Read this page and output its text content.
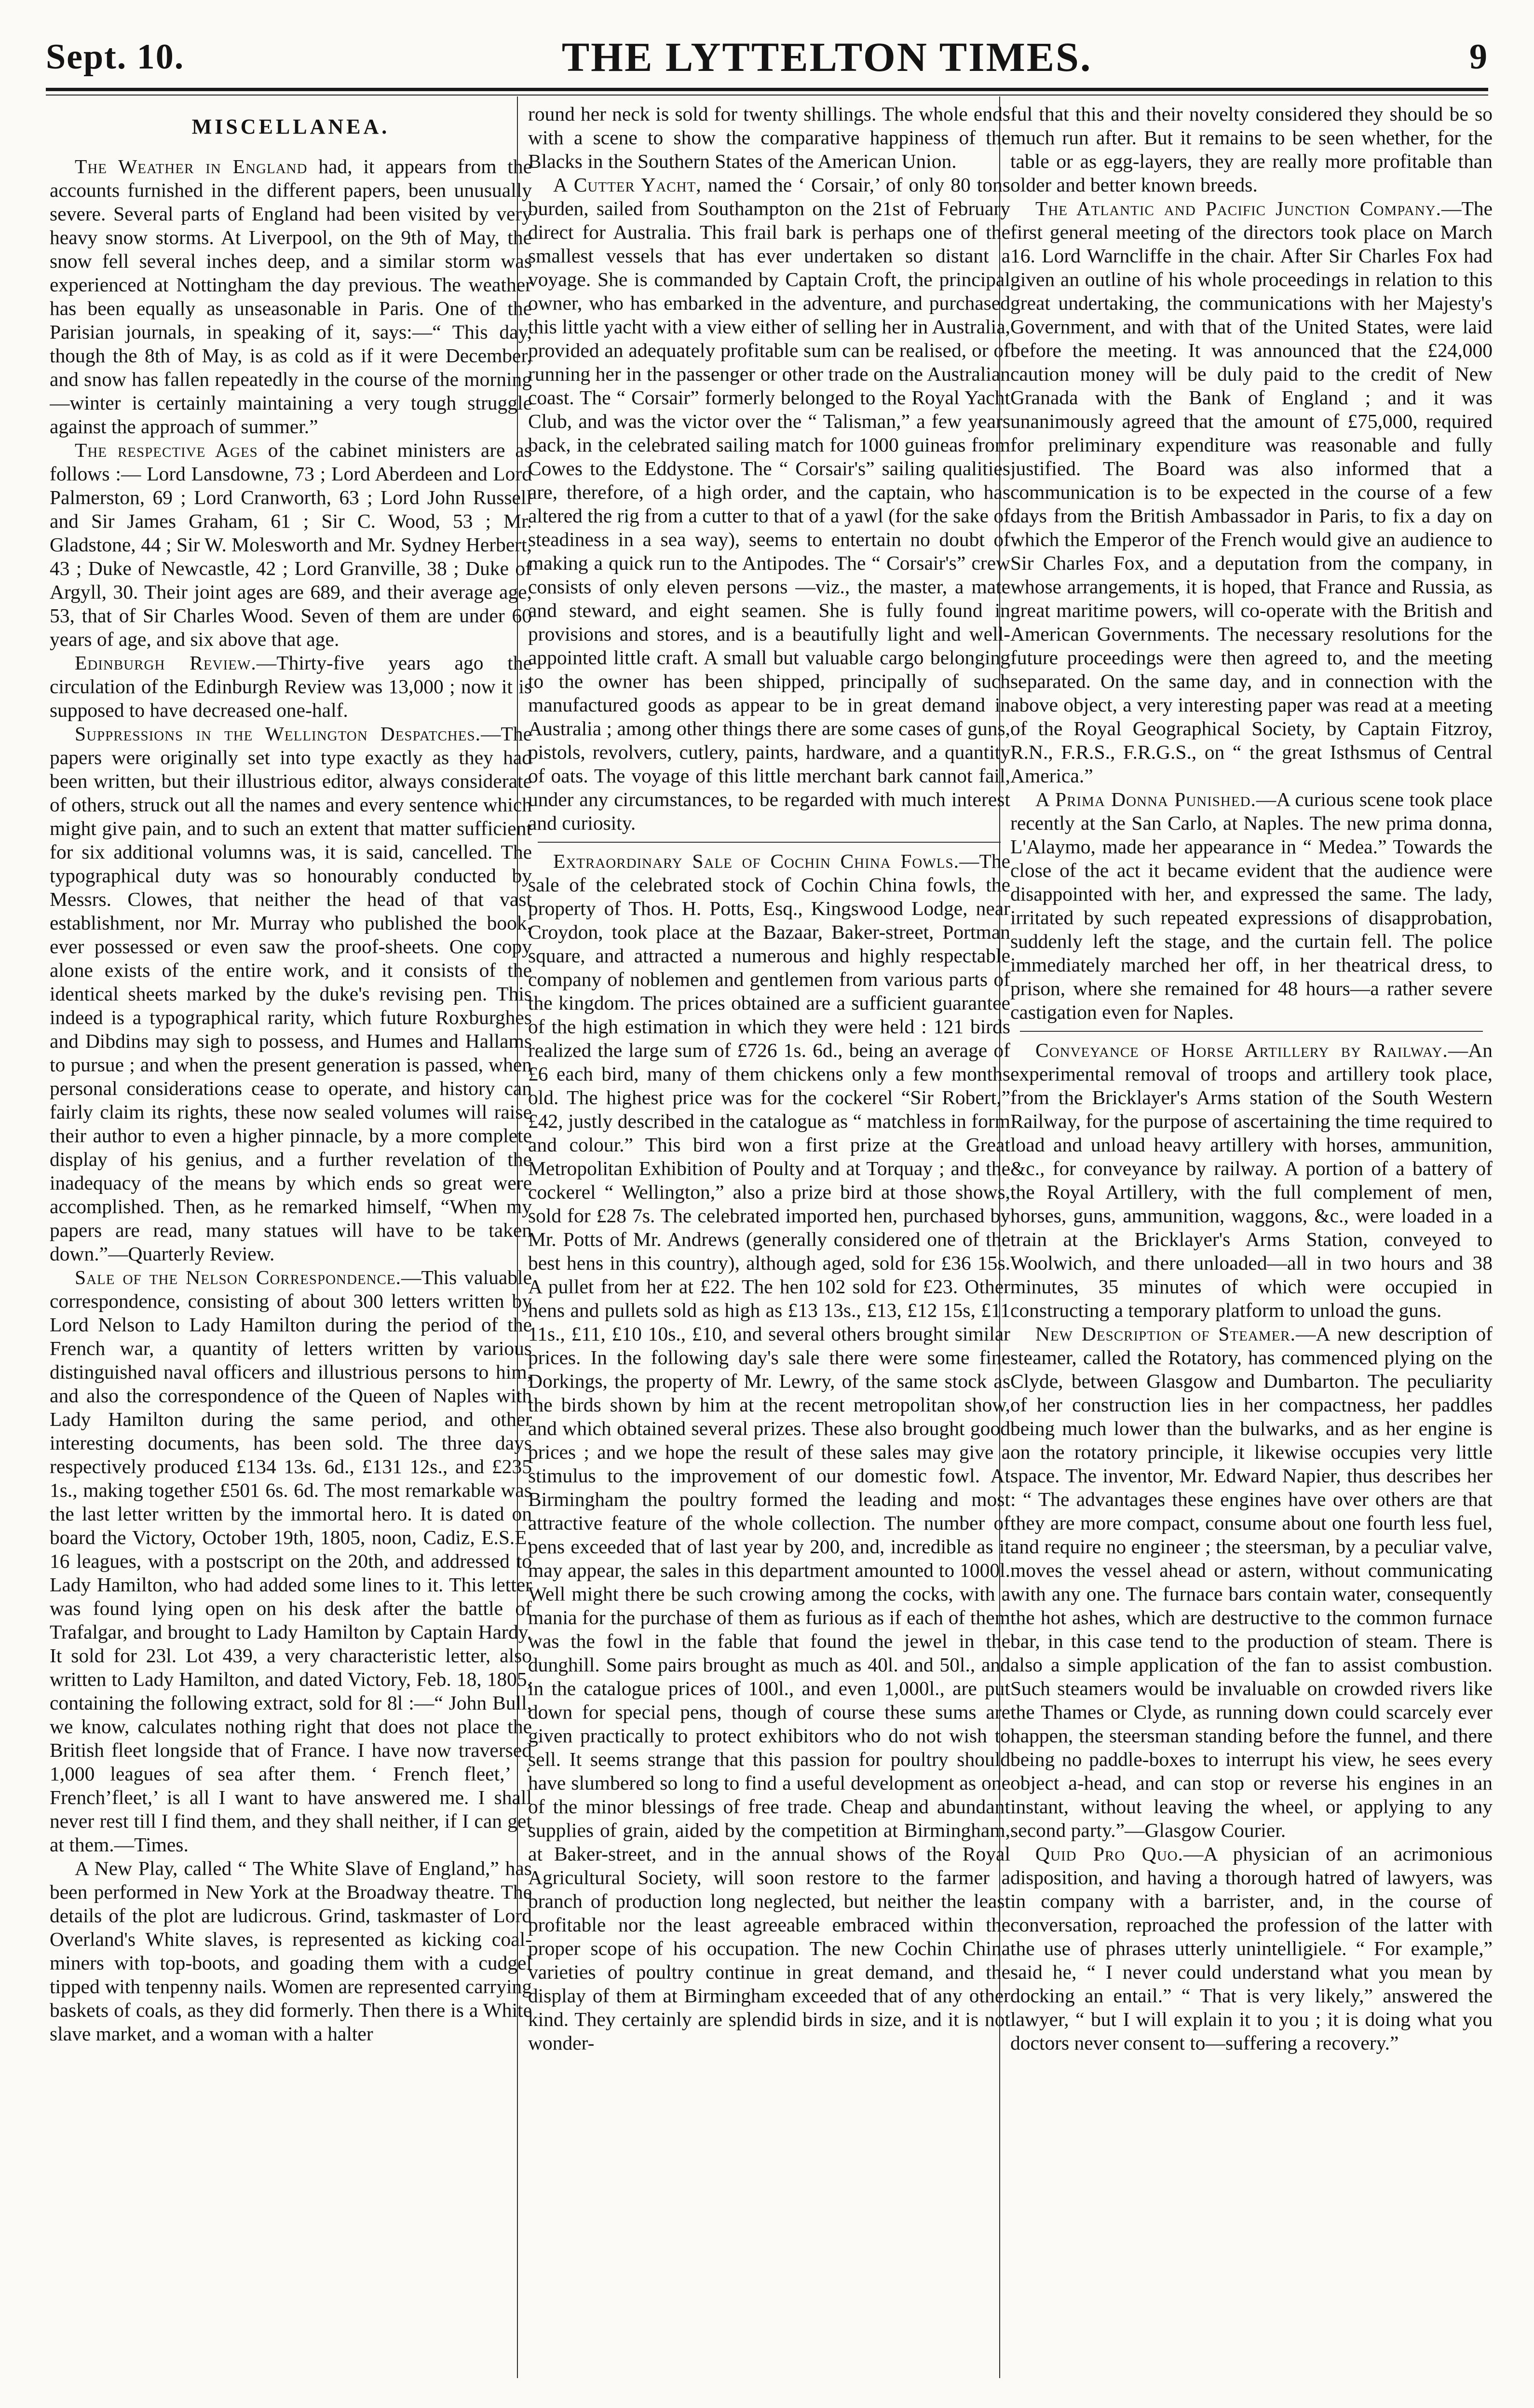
Sept. 10.	THE LYTTELTON TIMES.	9
MISCELLANEA.

The Weather in England had, it appears from the accounts furnished in the different papers, been unusually severe. Several parts of England had been visited by very heavy snow storms. At Liverpool, on the 9th of May, the snow fell several inches deep, and a similar storm was experienced at Nottingham the day previous. The weather has been equally as unseasonable in Paris. One of the Parisian journals, in speaking of it, says:—“ This day, though the 8th of May, is as cold as if it were December, and snow has fallen repeatedly in the course of the morning—winter is certainly maintaining a very tough struggle against the approach of summer.”

The respective Ages of the cabinet ministers are as follows :— Lord Lansdowne, 73 ; Lord Aberdeen and Lord Palmerston, 69 ; Lord Cranworth, 63 ; Lord John Russell and Sir James Graham, 61 ; Sir C. Wood, 53 ; Mr. Gladstone, 44 ; Sir W. Molesworth and Mr. Sydney Herbert, 43 ; Duke of Newcastle, 42 ; Lord Granville, 38 ; Duke of Argyll, 30. Their joint ages are 689, and their average age, 53, that of Sir Charles Wood. Seven of them are under 60 years of age, and six above that age.

Edinburgh Review.—Thirty-five years ago the circulation of the Edinburgh Review was 13,000 ; now it is supposed to have decreased one-half.

Suppressions in the Wellington Despatches.—The papers were originally set into type exactly as they had been written, but their illustrious editor, always considerate of others, struck out all the names and every sentence which might give pain, and to such an extent that matter sufficient for six additional volumns was, it is said, cancelled. The typographical duty was so honourably conducted by Messrs. Clowes, that neither the head of that vast establishment, nor Mr. Murray who published the book, ever possessed or even saw the proof-sheets. One copy alone exists of the entire work, and it consists of the identical sheets marked by the duke's revising pen. This indeed is a typographical rarity, which future Roxburghes and Dibdins may sigh to possess, and Humes and Hallams to pursue ; and when the present generation is passed, when personal considerations cease to operate, and history can fairly claim its rights, these now sealed volumes will raise their author to even a higher pinnacle, by a more complete display of his genius, and a further revelation of the inadequacy of the means by which ends so great were accomplished. Then, as he remarked himself, “When my papers are read, many statues will have to be taken down.”—Quarterly Review.

Sale of the Nelson Correspondence.—This valuable correspondence, consisting of about 300 letters written by Lord Nelson to Lady Hamilton during the period of the French war, a quantity of letters written by various distinguished naval officers and illustrious persons to him, and also the correspondence of the Queen of Naples with Lady Hamilton during the same period, and other interesting documents, has been sold. The three days respectively produced £134 13s. 6d., £131 12s., and £235 1s., making together £501 6s. 6d. The most remarkable was the last letter written by the immortal hero. It is dated on board the Victory, October 19th, 1805, noon, Cadiz, E.S.E. 16 leagues, with a postscript on the 20th, and addressed to Lady Hamilton, who had added some lines to it. This letter was found lying open on his desk after the battle of Trafalgar, and brought to Lady Hamilton by Captain Hardy. It sold for 23l. Lot 439, a very characteristic letter, also written to Lady Hamilton, and dated Victory, Feb. 18, 1805, containing the following extract, sold for 8l :—“ John Bull, we know, calculates nothing right that does not place the British fleet longside that of France. I have now traversed 1,000 leagues of sea after them. ‘ French fleet,’ ‘ French’fleet,’ is all I want to have answered me. I shall never rest till I find them, and they shall neither, if I can get at them.—Times.

A New Play, called “ The White Slave of England,” has been performed in New York at the Broadway theatre. The details of the plot are ludicrous. Grind, taskmaster of Lord Overland's White slaves, is represented as kicking coal-miners with top-boots, and goading them with a cudgel tipped with tenpenny nails. Women are represented carrying baskets of coals, as they did formerly. Then there is a White slave market, and a woman with a halter

round her neck is sold for twenty shillings. The whole ends with a scene to show the comparative happiness of the Blacks in the Southern States of the American Union.

A Cutter Yacht, named the ‘ Corsair,’ of only 80 tons burden, sailed from Southampton on the 21st of February direct for Australia. This frail bark is perhaps one of the smallest vessels that has ever undertaken so distant a voyage. She is commanded by Captain Croft, the principal owner, who has embarked in the adventure, and purchased this little yacht with a view either of selling her in Australia, provided an adequately profitable sum can be realised, or of running her in the passenger or other trade on the Australian coast. The “ Corsair” formerly belonged to the Royal Yacht Club, and was the victor over the “ Talisman,” a few years back, in the celebrated sailing match for 1000 guineas from Cowes to the Eddystone. The “ Corsair's” sailing qualities are, therefore, of a high order, and the captain, who has altered the rig from a cutter to that of a yawl (for the sake of steadiness in a sea way), seems to entertain no doubt of making a quick run to the Antipodes. The “ Corsair's” crew consists of only eleven persons —viz., the master, a mate and steward, and eight seamen. She is fully found in provisions and stores, and is a beautifully light and well-appointed little craft. A small but valuable cargo belonging to the owner has been shipped, principally of such manufactured goods as appear to be in great demand in Australia ; among other things there are some cases of guns, pistols, revolvers, cutlery, paints, hardware, and a quantity of oats. The voyage of this little merchant bark cannot fail, under any circumstances, to be regarded with much interest and curiosity.

Extraordinary Sale of Cochin China Fowls.—The sale of the celebrated stock of Cochin China fowls, the property of Thos. H. Potts, Esq., Kingswood Lodge, near Croydon, took place at the Bazaar, Baker-street, Portman square, and attracted a numerous and highly respectable company of noblemen and gentlemen from various parts of the kingdom. The prices obtained are a sufficient guarantee of the high estimation in which they were held : 121 birds realized the large sum of £726 1s. 6d., being an average of £6 each bird, many of them chickens only a few months old. The highest price was for the cockerel “Sir Robert,” £42, justly described in the catalogue as “ matchless in form and colour.” This bird won a first prize at the Great Metropolitan Exhibition of Poulty and at Torquay ; and the cockerel “ Wellington,” also a prize bird at those shows, sold for £28 7s. The celebrated imported hen, purchased by Mr. Potts of Mr. Andrews (generally considered one of the best hens in this country), although aged, sold for £36 15s. A pullet from her at £22. The hen 102 sold for £23. Other hens and pullets sold as high as £13 13s., £13, £12 15s, £11 11s., £11, £10 10s., £10, and several others brought similar prices. In the following day's sale there were some fine Dorkings, the property of Mr. Lewry, of the same stock as the birds shown by him at the recent metropolitan show, and which obtained several prizes. These also brought good prices ; and we hope the result of these sales may give a stimulus to the improvement of our domestic fowl. At Birmingham the poultry formed the leading and most attractive feature of the whole collection. The number of pens exceeded that of last year by 200, and, incredible as it may appear, the sales in this department amounted to 1000l. Well might there be such crowing among the cocks, with a mania for the purchase of them as furious as if each of them was the fowl in the fable that found the jewel in the dunghill. Some pairs brought as much as 40l. and 50l., and in the catalogue prices of 100l., and even 1,000l., are put down for special pens, though of course these sums are given practically to protect exhibitors who do not wish to sell. It seems strange that this passion for poultry should have slumbered so long to find a useful development as one of the minor blessings of free trade. Cheap and abundant supplies of grain, aided by the competition at Birmingham, at Baker-street, and in the annual shows of the Royal Agricultural Society, will soon restore to the farmer a branch of production long neglected, but neither the least profitable nor the least agreeable embraced within the proper scope of his occupation. The new Cochin China varieties of poultry continue in great demand, and the display of them at Birmingham exceeded that of any other kind. They certainly are splendid birds in size, and it is not wonder-

ful that this and their novelty considered they should be so much run after. But it remains to be seen whether, for the table or as egg-layers, they are really more profitable than older and better known breeds.

The Atlantic and Pacific Junction Company.—The first general meeting of the directors took place on March 16. Lord Warncliffe in the chair. After Sir Charles Fox had given an outline of his whole proceedings in relation to this great undertaking, the communications with her Majesty's Government, and with that of the United States, were laid before the meeting. It was announced that the £24,000 caution money will be duly paid to the credit of New Granada with the Bank of England ; and it was unanimously agreed that the amount of £75,000, required for preliminary expenditure was reasonable and fully justified. The Board was also informed that a communication is to be expected in the course of a few days from the British Ambassador in Paris, to fix a day on which the Emperor of the French would give an audience to Sir Charles Fox, and a deputation from the company, in whose arrangements, it is hoped, that France and Russia, as great maritime powers, will co-operate with the British and American Governments. The necessary resolutions for the future proceedings were then agreed to, and the meeting separated. On the same day, and in connection with the above object, a very interesting paper was read at a meeting of the Royal Geographical Society, by Captain Fitzroy, R.N., F.R.S., F.R.G.S., on “ the great Isthsmus of Central America.”

A Prima Donna Punished.—A curious scene took place recently at the San Carlo, at Naples. The new prima donna, L'Alaymo, made her appearance in “ Medea.” Towards the close of the act it became evident that the audience were disappointed with her, and expressed the same. The lady, irritated by such repeated expressions of disapprobation, suddenly left the stage, and the curtain fell. The police immediately marched her off, in her theatrical dress, to prison, where she remained for 48 hours—a rather severe castigation even for Naples.

Conveyance of Horse Artillery by Railway.—An experimental removal of troops and artillery took place, from the Bricklayer's Arms station of the South Western Railway, for the purpose of ascertaining the time required to load and unload heavy artillery with horses, ammunition, &c., for conveyance by railway. A portion of a battery of the Royal Artillery, with the full complement of men, horses, guns, ammunition, waggons, &c., were loaded in a train at the Bricklayer's Arms Station, conveyed to Woolwich, and there unloaded—all in two hours and 38 minutes, 35 minutes of which were occupied in constructing a temporary platform to unload the guns.

New Description of Steamer.—A new description of steamer, called the Rotatory, has commenced plying on the Clyde, between Glasgow and Dumbarton. The peculiarity of her construction lies in her compactness, her paddles being much lower than the bulwarks, and as her engine is on the rotatory principle, it likewise occupies very little space. The inventor, Mr. Edward Napier, thus describes her : “ The advantages these engines have over others are that they are more compact, consume about one fourth less fuel, and require no engineer ; the steersman, by a peculiar valve, moves the vessel ahead or astern, without communicating with any one. The furnace bars contain water, consequently the hot ashes, which are destructive to the common furnace bar, in this case tend to the production of steam. There is also a simple application of the fan to assist combustion. Such steamers would be invaluable on crowded rivers like the Thames or Clyde, as running down could scarcely ever happen, the steersman standing before the funnel, and there being no paddle-boxes to interrupt his view, he sees every object a-head, and can stop or reverse his engines in an instant, without leaving the wheel, or applying to any second party.”—Glasgow Courier.

Quid Pro Quo.—A physician of an acrimonious disposition, and having a thorough hatred of lawyers, was in company with a barrister, and, in the course of conversation, reproached the profession of the latter with the use of phrases utterly unintelligiele. “ For example,” said he, “ I never could understand what you mean by docking an entail.” “ That is very likely,” answered the lawyer, “ but I will explain it to you ; it is doing what you doctors never consent to—suffering a recovery.”
